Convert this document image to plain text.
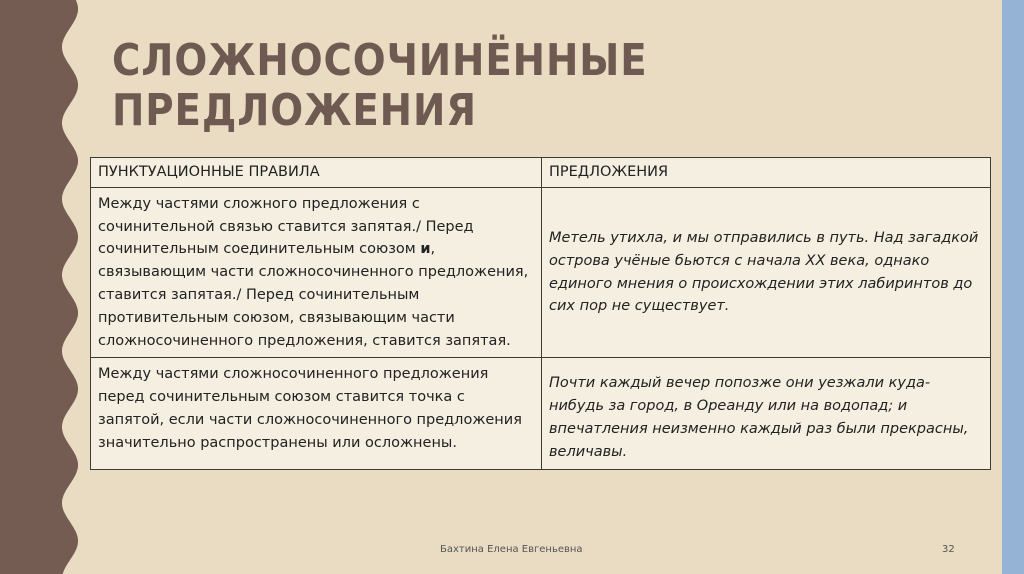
СЛОЖНОСОЧИНЁННЫЕ
ПРЕДЛОЖЕНИЯ
ПУНКТУАЦИОННЫЕ ПРАВИЛА	ПРЕДЛОЖЕНИЯ
Между частями сложного предложения с сочинительной связью ставится запятая./ Перед сочинительным соединительным союзом и, связывающим части сложносочиненного предложения, ставится запятая./ Перед сочинительным противительным союзом, связывающим части сложносочиненного предложения, ставится запятая.	Метель утихла, и мы отправились в путь. Над загадкой острова учёные бьются с начала XX века, однако единого мнения о происхождении этих лабиринтов до сих пор не существует.
Между частями сложносочиненного предложения перед сочинительным союзом ставится точка с запятой, если части сложносочиненного предложения значительно распространены или осложнены.	Почти каждый вечер попозже они уезжали куда-нибудь за город, в Ореанду или на водопад; и впечатления неизменно каждый раз были прекрасны, величавы.
Бахтина Елена Евгеньевна	32
